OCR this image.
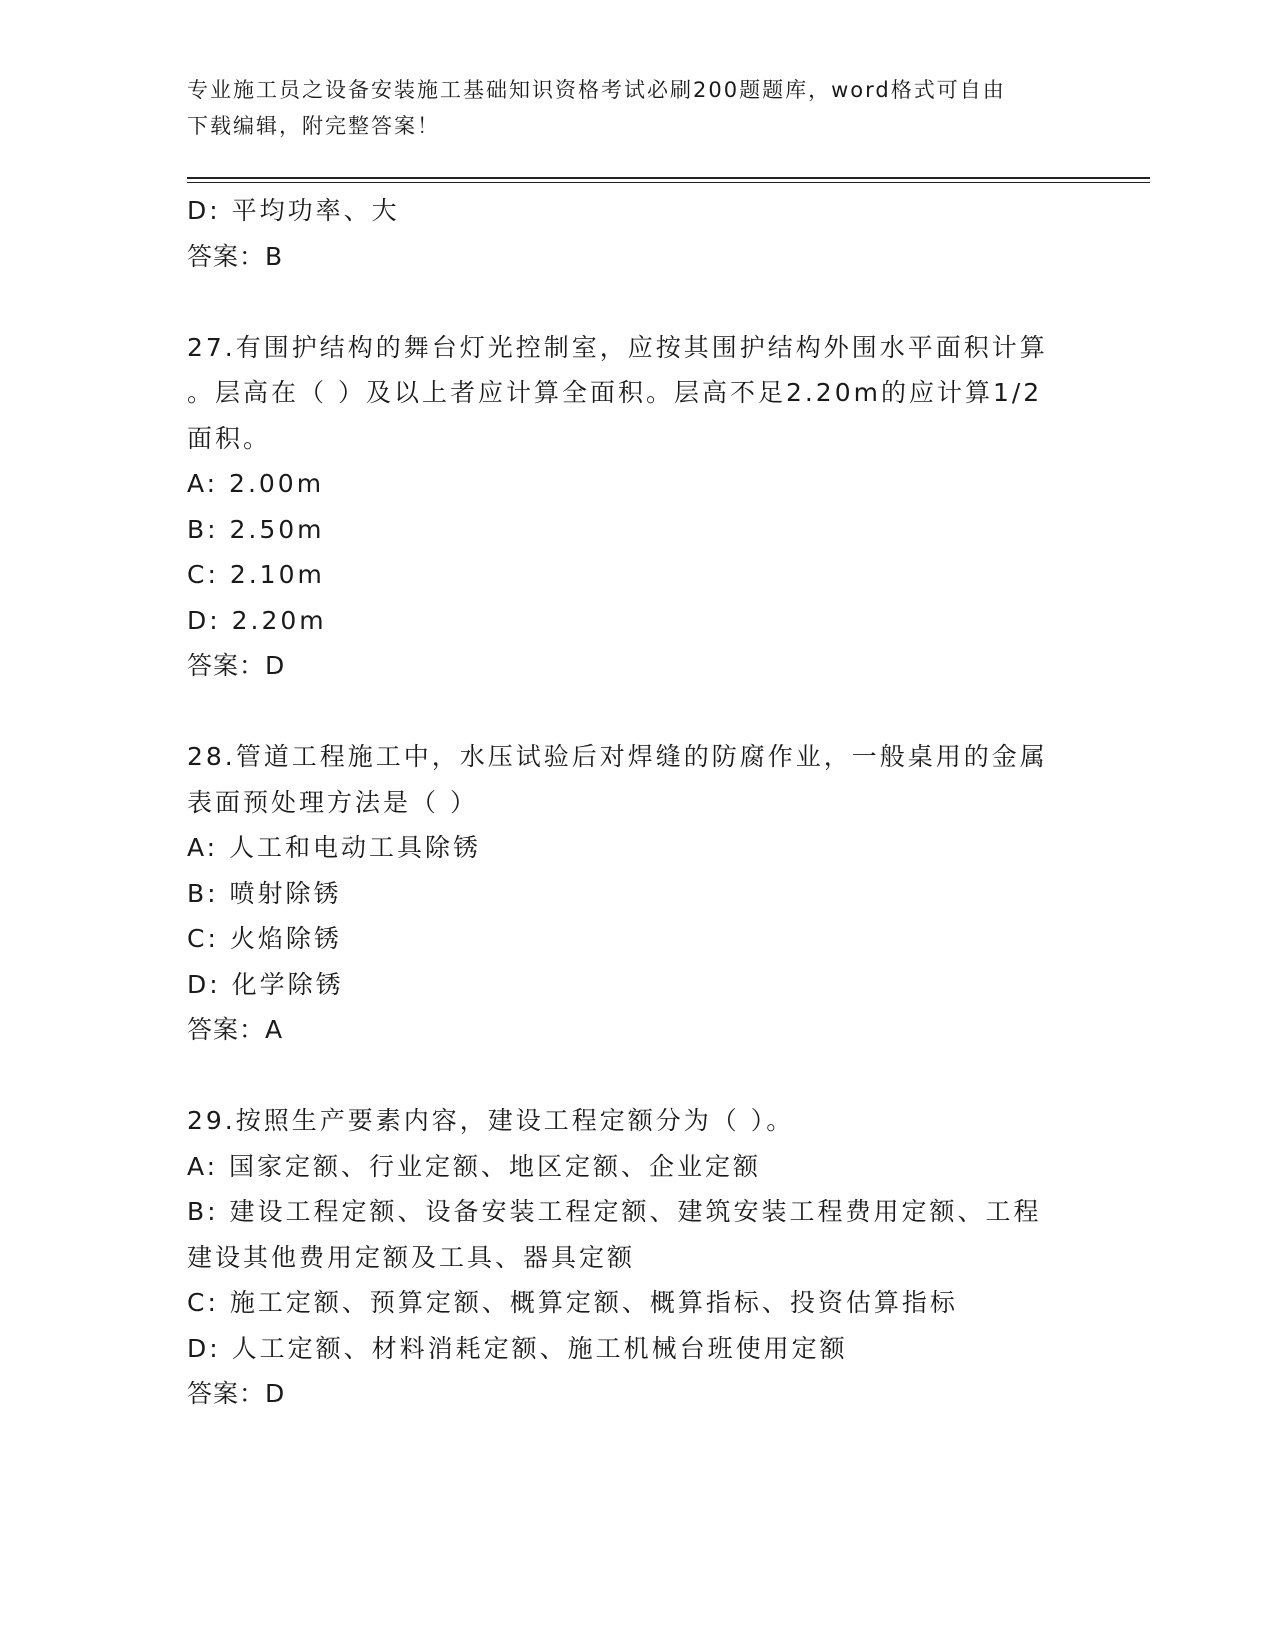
专业施工员之设备安装施工基础知识资格考试必刷200题题库，word格式可自由
下载编辑，附完整答案！
D: 平均功率、大
答案：B
27.有围护结构的舞台灯光控制室，应按其围护结构外围水平面积计算
。层高在（ ）及以上者应计算全面积。层高不足2.20m的应计算1/2
面积。
A: 2.00m
B: 2.50m
C: 2.10m
D: 2.20m
答案：D
28.管道工程施工中，水压试验后对焊缝的防腐作业，一般桌用的金属
表面预处理方法是（ ）
A: 人工和电动工具除锈
B: 喷射除锈
C: 火焰除锈
D: 化学除锈
答案：A
29.按照生产要素内容，建设工程定额分为（ ）。
A: 国家定额、行业定额、地区定额、企业定额
B: 建设工程定额、设备安装工程定额、建筑安装工程费用定额、工程
建设其他费用定额及工具、器具定额
C: 施工定额、预算定额、概算定额、概算指标、投资估算指标
D: 人工定额、材料消耗定额、施工机械台班使用定额
答案：D
